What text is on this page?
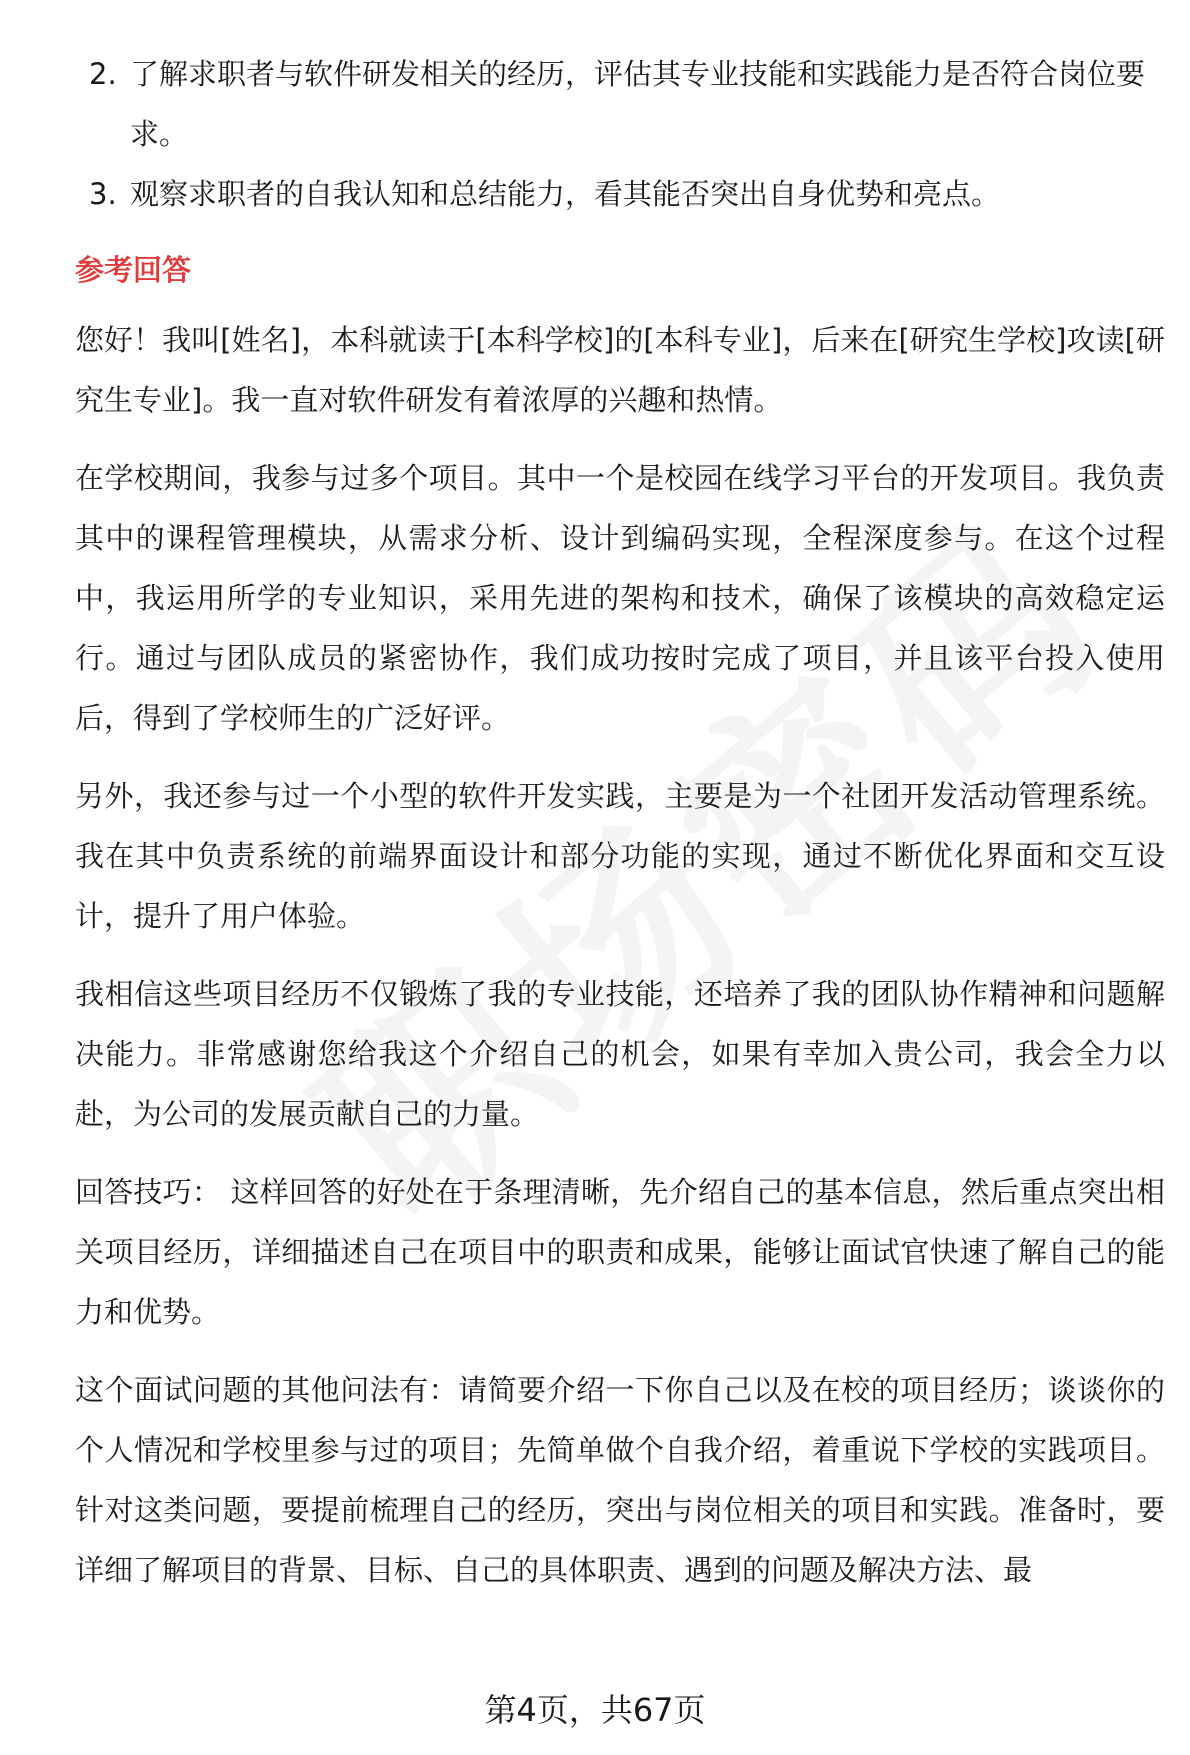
2. 了解求职者与软件研发相关的经历，评估其专业技能和实践能力是否符合岗位要求。
3. 观察求职者的自我认知和总结能力，看其能否突出自身优势和亮点。
参考回答

您好！我叫[姓名]，本科就读于[本科学校]的[本科专业]，后来在[研究生学校]攻读[研究生专业]。我一直对软件研发有着浓厚的兴趣和热情。

在学校期间，我参与过多个项目。其中一个是校园在线学习平台的开发项目。我负责其中的课程管理模块，从需求分析、设计到编码实现，全程深度参与。在这个过程中，我运用所学的专业知识，采用先进的架构和技术，确保了该模块的高效稳定运行。通过与团队成员的紧密协作，我们成功按时完成了项目，并且该平台投入使用后，得到了学校师生的广泛好评。

另外，我还参与过一个小型的软件开发实践，主要是为一个社团开发活动管理系统。我在其中负责系统的前端界面设计和部分功能的实现，通过不断优化界面和交互设计，提升了用户体验。

我相信这些项目经历不仅锻炼了我的专业技能，还培养了我的团队协作精神和问题解决能力。非常感谢您给我这个介绍自己的机会，如果有幸加入贵公司，我会全力以赴，为公司的发展贡献自己的力量。

回答技巧： 这样回答的好处在于条理清晰，先介绍自己的基本信息，然后重点突出相关项目经历，详细描述自己在项目中的职责和成果，能够让面试官快速了解自己的能力和优势。

这个面试问题的其他问法有：请简要介绍一下你自己以及在校的项目经历；谈谈你的个人情况和学校里参与过的项目；先简单做个自我介绍，着重说下学校的实践项目。 针对这类问题，要提前梳理自己的经历，突出与岗位相关的项目和实践。准备时，要详细了解项目的背景、目标、自己的具体职责、遇到的问题及解决方法、最

第4页，共67页
